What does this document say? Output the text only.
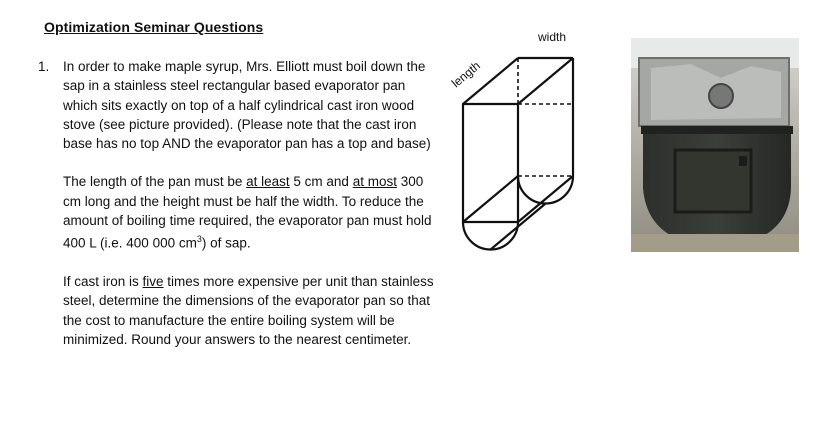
Optimization Seminar Questions
1. In order to make maple syrup, Mrs. Elliott must boil down the sap in a stainless steel rectangular based evaporator pan which sits exactly on top of a half cylindrical cast iron wood stove (see picture provided). (Please note that the cast iron base has no top AND the evaporator pan has a top and base)

The length of the pan must be at least 5 cm and at most 300 cm long and the height must be half the width. To reduce the amount of boiling time required, the evaporator pan must hold 400 L (i.e. 400 000 $cm^3$) of sap.

If cast iron is five times more expensive per unit than stainless steel, determine the dimensions of the evaporator pan so that the cost to manufacture the entire boiling system will be minimized. Round your answers to the nearest centimeter.

width
length
